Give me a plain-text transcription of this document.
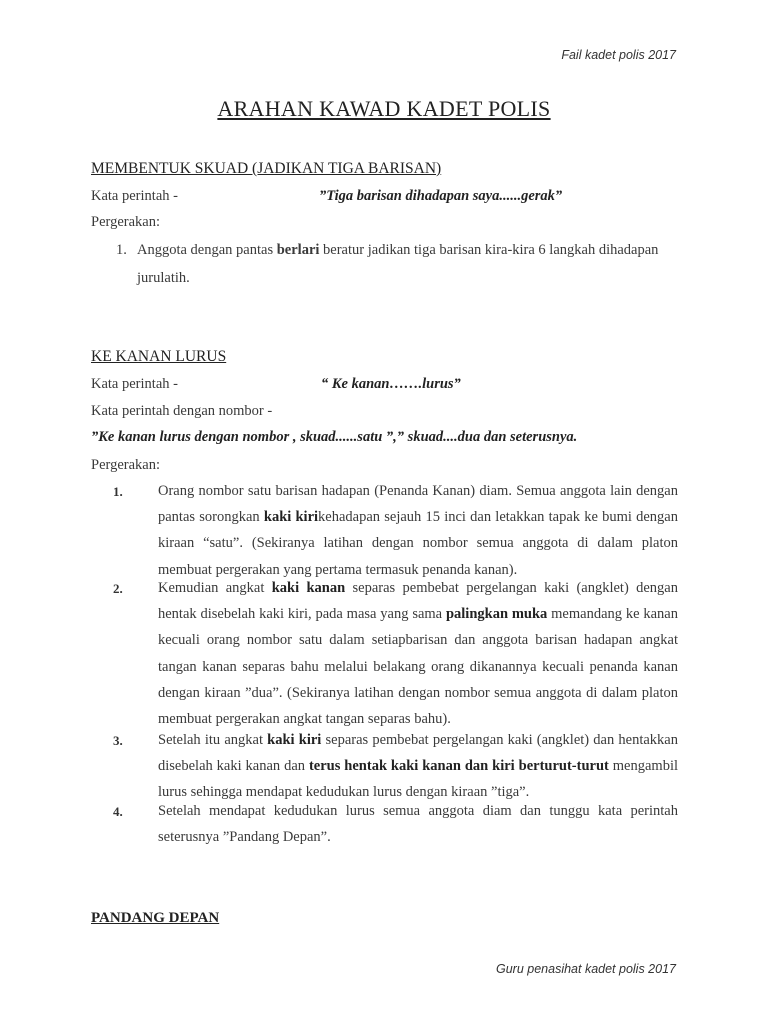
Fail kadet polis 2017
ARAHAN KAWAD KADET POLIS
MEMBENTUK SKUAD (JADIKAN TIGA BARISAN)
Kata perintah -	”Tiga barisan dihadapan saya......gerak”
Pergerakan:
1. Anggota dengan pantas berlari beratur jadikan tiga barisan kira-kira 6 langkah dihadapan
jurulatih.
KE KANAN LURUS
Kata perintah -	“ Ke kanan…….lurus”
Kata perintah dengan nombor -
”Ke kanan lurus dengan nombor , skuad......satu ”,” skuad....dua dan seterusnya.
Pergerakan:
1. Orang nombor satu barisan hadapan (Penanda Kanan) diam. Semua anggota lain dengan pantas sorongkan kaki kirikehadapan sejauh 15 inci dan letakkan tapak ke bumi dengan kiraan “satu”. (Sekiranya latihan dengan nombor semua anggota di dalam platon membuat pergerakan yang pertama termasuk penanda kanan).
2. Kemudian angkat kaki kanan separas pembebat pergelangan kaki (angklet) dengan hentak disebelah kaki kiri, pada masa yang sama palingkan muka memandang ke kanan kecuali orang nombor satu dalam setiapbarisan dan anggota barisan hadapan angkat tangan kanan separas bahu melalui belakang orang dikanannya kecuali penanda kanan dengan kiraan ”dua”. (Sekiranya latihan dengan nombor semua anggota di dalam platon membuat pergerakan angkat tangan separas bahu).
3. Setelah itu angkat kaki kiri separas pembebat pergelangan kaki (angklet) dan hentakkan disebelah kaki kanan dan terus hentak kaki kanan dan kiri berturut-turut mengambil lurus sehingga mendapat kedudukan lurus dengan kiraan ”tiga”.
4. Setelah mendapat kedudukan lurus semua anggota diam dan tunggu kata perintah seterusnya ”Pandang Depan”.
PANDANG DEPAN
Guru penasihat kadet polis 2017
